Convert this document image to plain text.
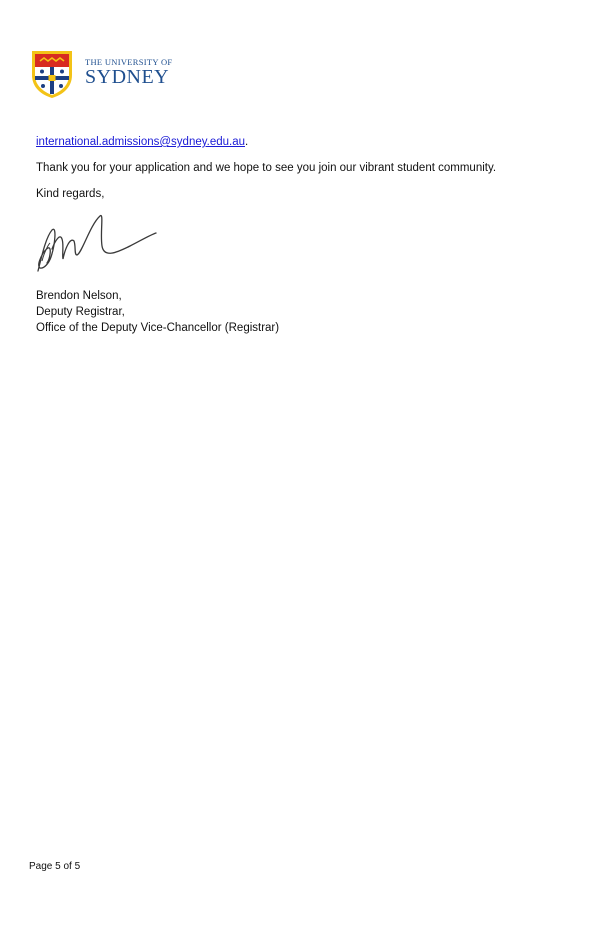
THE UNIVERSITY OF
SYDNEY
international.admissions@sydney.edu.au.
Thank you for your application and we hope to see you join our vibrant student community.
Kind regards,
Brendon Nelson,
Deputy Registrar,
Office of the Deputy Vice-Chancellor (Registrar)
Page 5 of 5
